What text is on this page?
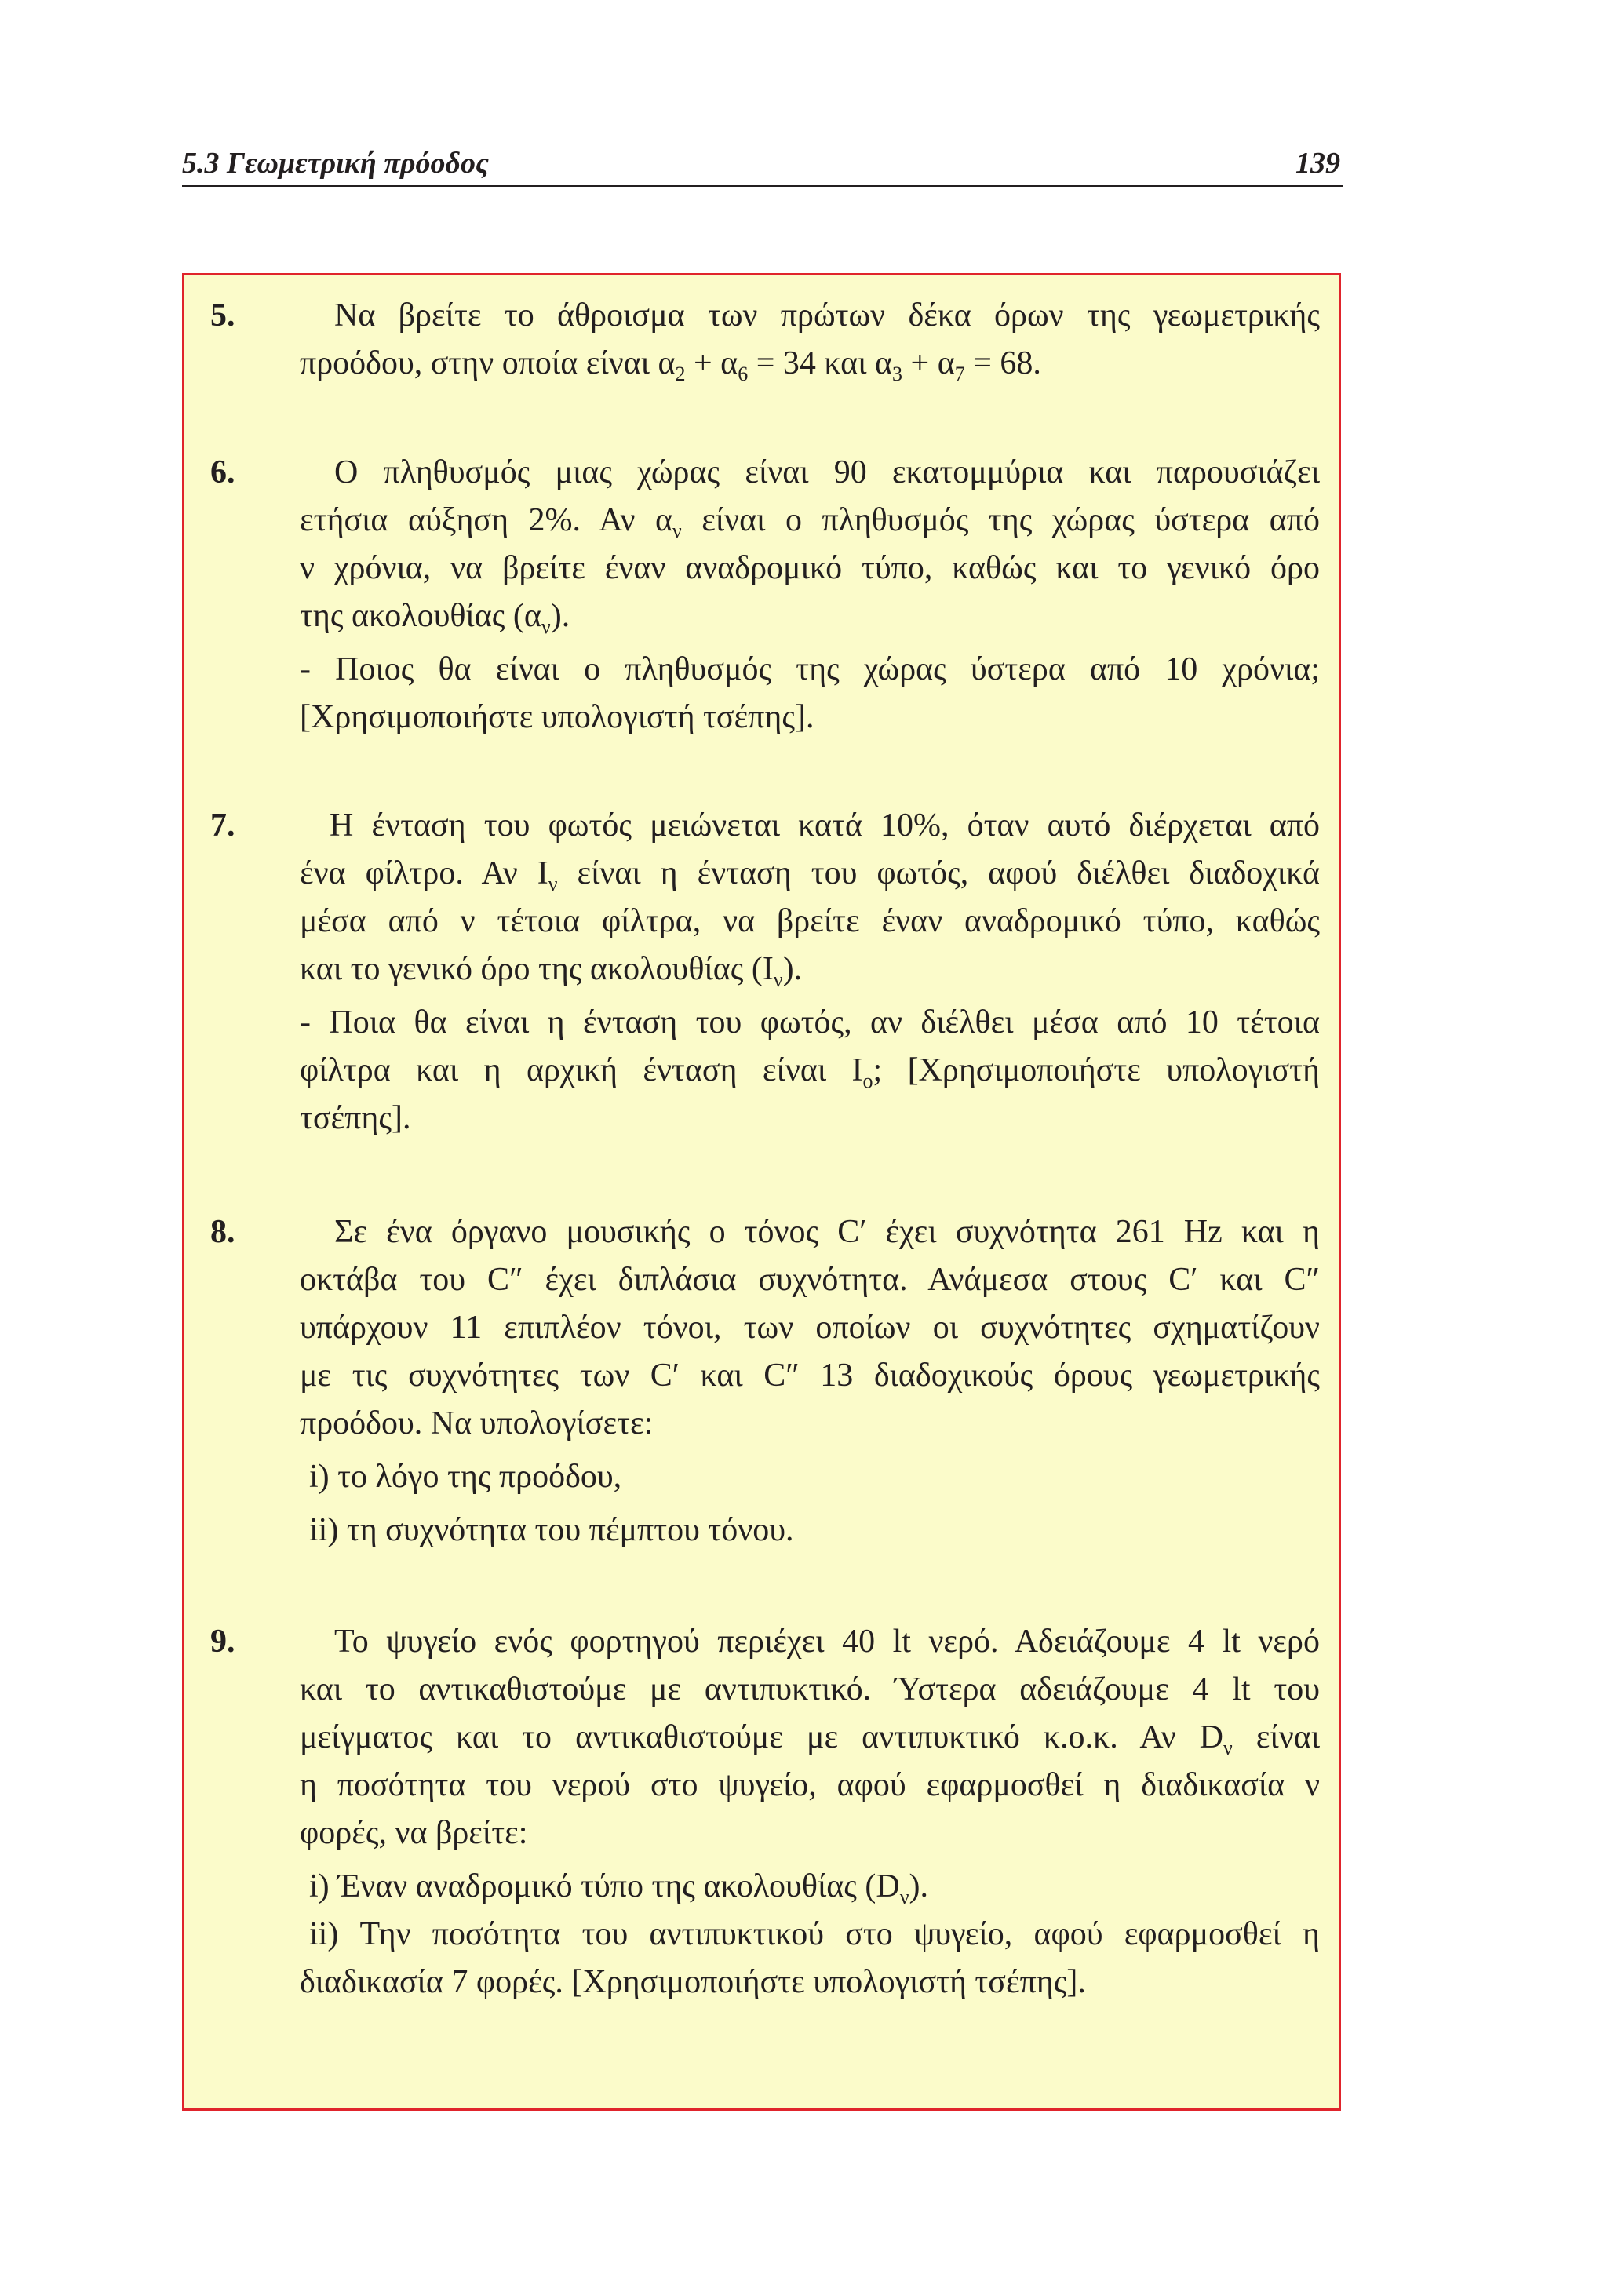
5.3 Γεωμετρική πρόοδος	139
5.	Να βρείτε το άθροισμα των πρώτων δέκα όρων της γεωμετρικής
προόδου, στην οποία είναι $\alpha_2 + \alpha_6 = 34$ και $\alpha_3 + \alpha_7 = 68$.
6.	Ο πληθυσμός μιας χώρας είναι 90 εκατομμύρια και παρουσιάζει
ετήσια αύξηση 2%. Αν $\alpha_\nu$ είναι ο πληθυσμός της χώρας ύστερα από
ν χρόνια, να βρείτε έναν αναδρομικό τύπο, καθώς και το γενικό όρο
της ακολουθίας $(\alpha_\nu)$.
- Ποιος θα είναι ο πληθυσμός της χώρας ύστερα από 10 χρόνια;
[Χρησιμοποιήστε υπολογιστή τσέπης].
7.	Η ένταση του φωτός μειώνεται κατά 10%, όταν αυτό διέρχεται από
ένα φίλτρο. Αν $I_\nu$ είναι η ένταση του φωτός, αφού διέλθει διαδοχικά
μέσα από ν τέτοια φίλτρα, να βρείτε έναν αναδρομικό τύπο, καθώς
και το γενικό όρο της ακολουθίας $(I_\nu)$.
- Ποια θα είναι η ένταση του φωτός, αν διέλθει μέσα από 10 τέτοια
φίλτρα και η αρχική ένταση είναι $I_o$; [Χρησιμοποιήστε υπολογιστή
τσέπης].
8.	Σε ένα όργανο μουσικής ο τόνος C′ έχει συχνότητα 261 Hz και η
οκτάβα του C″ έχει διπλάσια συχνότητα. Ανάμεσα στους C′ και C″
υπάρχουν 11 επιπλέον τόνοι, των οποίων οι συχνότητες σχηματίζουν
με τις συχνότητες των C′ και C″ 13 διαδοχικούς όρους γεωμετρικής
προόδου. Να υπολογίσετε:
i) το λόγο της προόδου,
ii) τη συχνότητα του πέμπτου τόνου.
9.	Το ψυγείο ενός φορτηγού περιέχει 40 lt νερό. Αδειάζουμε 4 lt νερό
και το αντικαθιστούμε με αντιπυκτικό. Ύστερα αδειάζουμε 4 lt του
μείγματος και το αντικαθιστούμε με αντιπυκτικό κ.ο.κ. Αν $D_\nu$ είναι
η ποσότητα του νερού στο ψυγείο, αφού εφαρμοσθεί η διαδικασία ν
φορές, να βρείτε:
i) Έναν αναδρομικό τύπο της ακολουθίας $(D_\nu)$.
ii) Την ποσότητα του αντιπυκτικού στο ψυγείο, αφού εφαρμοσθεί η
διαδικασία 7 φορές. [Χρησιμοποιήστε υπολογιστή τσέπης].
